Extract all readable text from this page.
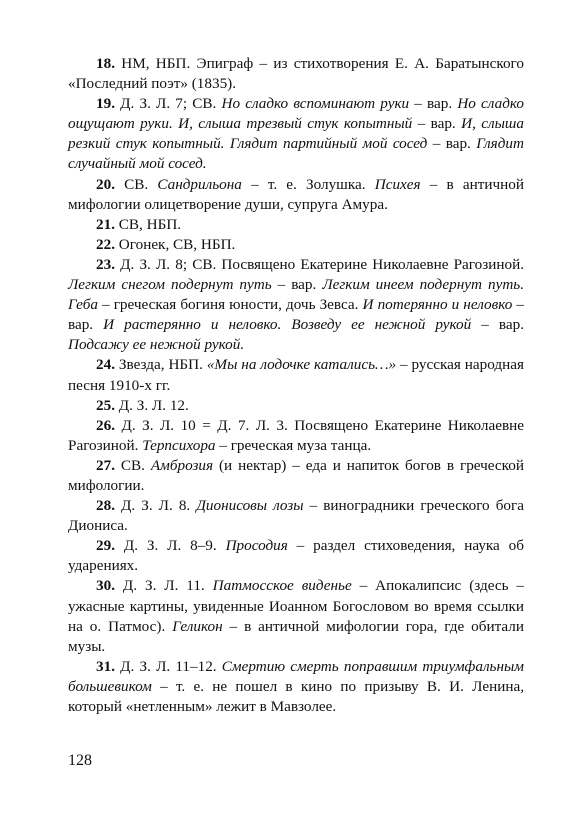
18. НМ, НБП. Эпиграф – из стихотворения Е. А. Баратынского «Последний поэт» (1835).

19. Д. З. Л. 7; СВ. Но сладко вспоминают руки – вар. Но сладко ощущают руки. И, слыша трезвый стук копытный – вар. И, слыша резкий стук копытный. Глядит партийный мой сосед – вар. Глядит случайный мой сосед.

20. СВ. Сандрильона – т. е. Золушка. Психея – в античной мифологии олицетворение души, супруга Амура.

21. СВ, НБП.

22. Огонек, СВ, НБП.

23. Д. З. Л. 8; СВ. Посвящено Екатерине Николаевне Рагозиной. Легким снегом подернут путь – вар. Легким инеем подернут путь. Геба – греческая богиня юности, дочь Зевса. И потерянно и неловко – вар. И растерянно и неловко. Возведу ее нежной рукой – вар. Подсажу ее нежной рукой.

24. Звезда, НБП. «Мы на лодочке катались…» – русская народная песня 1910-х гг.

25. Д. З. Л. 12.

26. Д. З. Л. 10 = Д. 7. Л. 3. Посвящено Екатерине Николаевне Рагозиной. Терпсихора – греческая муза танца.

27. СВ. Амброзия (и нектар) – еда и напиток богов в греческой мифологии.

28. Д. З. Л. 8. Дионисовы лозы – виноградники греческого бога Диониса.

29. Д. З. Л. 8–9. Просодия – раздел стиховедения, наука об ударениях.

30. Д. З. Л. 11. Патмосское виденье – Апокалипсис (здесь – ужасные картины, увиденные Иоанном Богословом во время ссылки на о. Патмос). Геликон – в античной мифологии гора, где обитали музы.

31. Д. З. Л. 11–12. Смертию смерть поправшим триумфальным большевиком – т. е. не пошел в кино по призыву В. И. Ленина, который «нетленным» лежит в Мавзолее.

128
